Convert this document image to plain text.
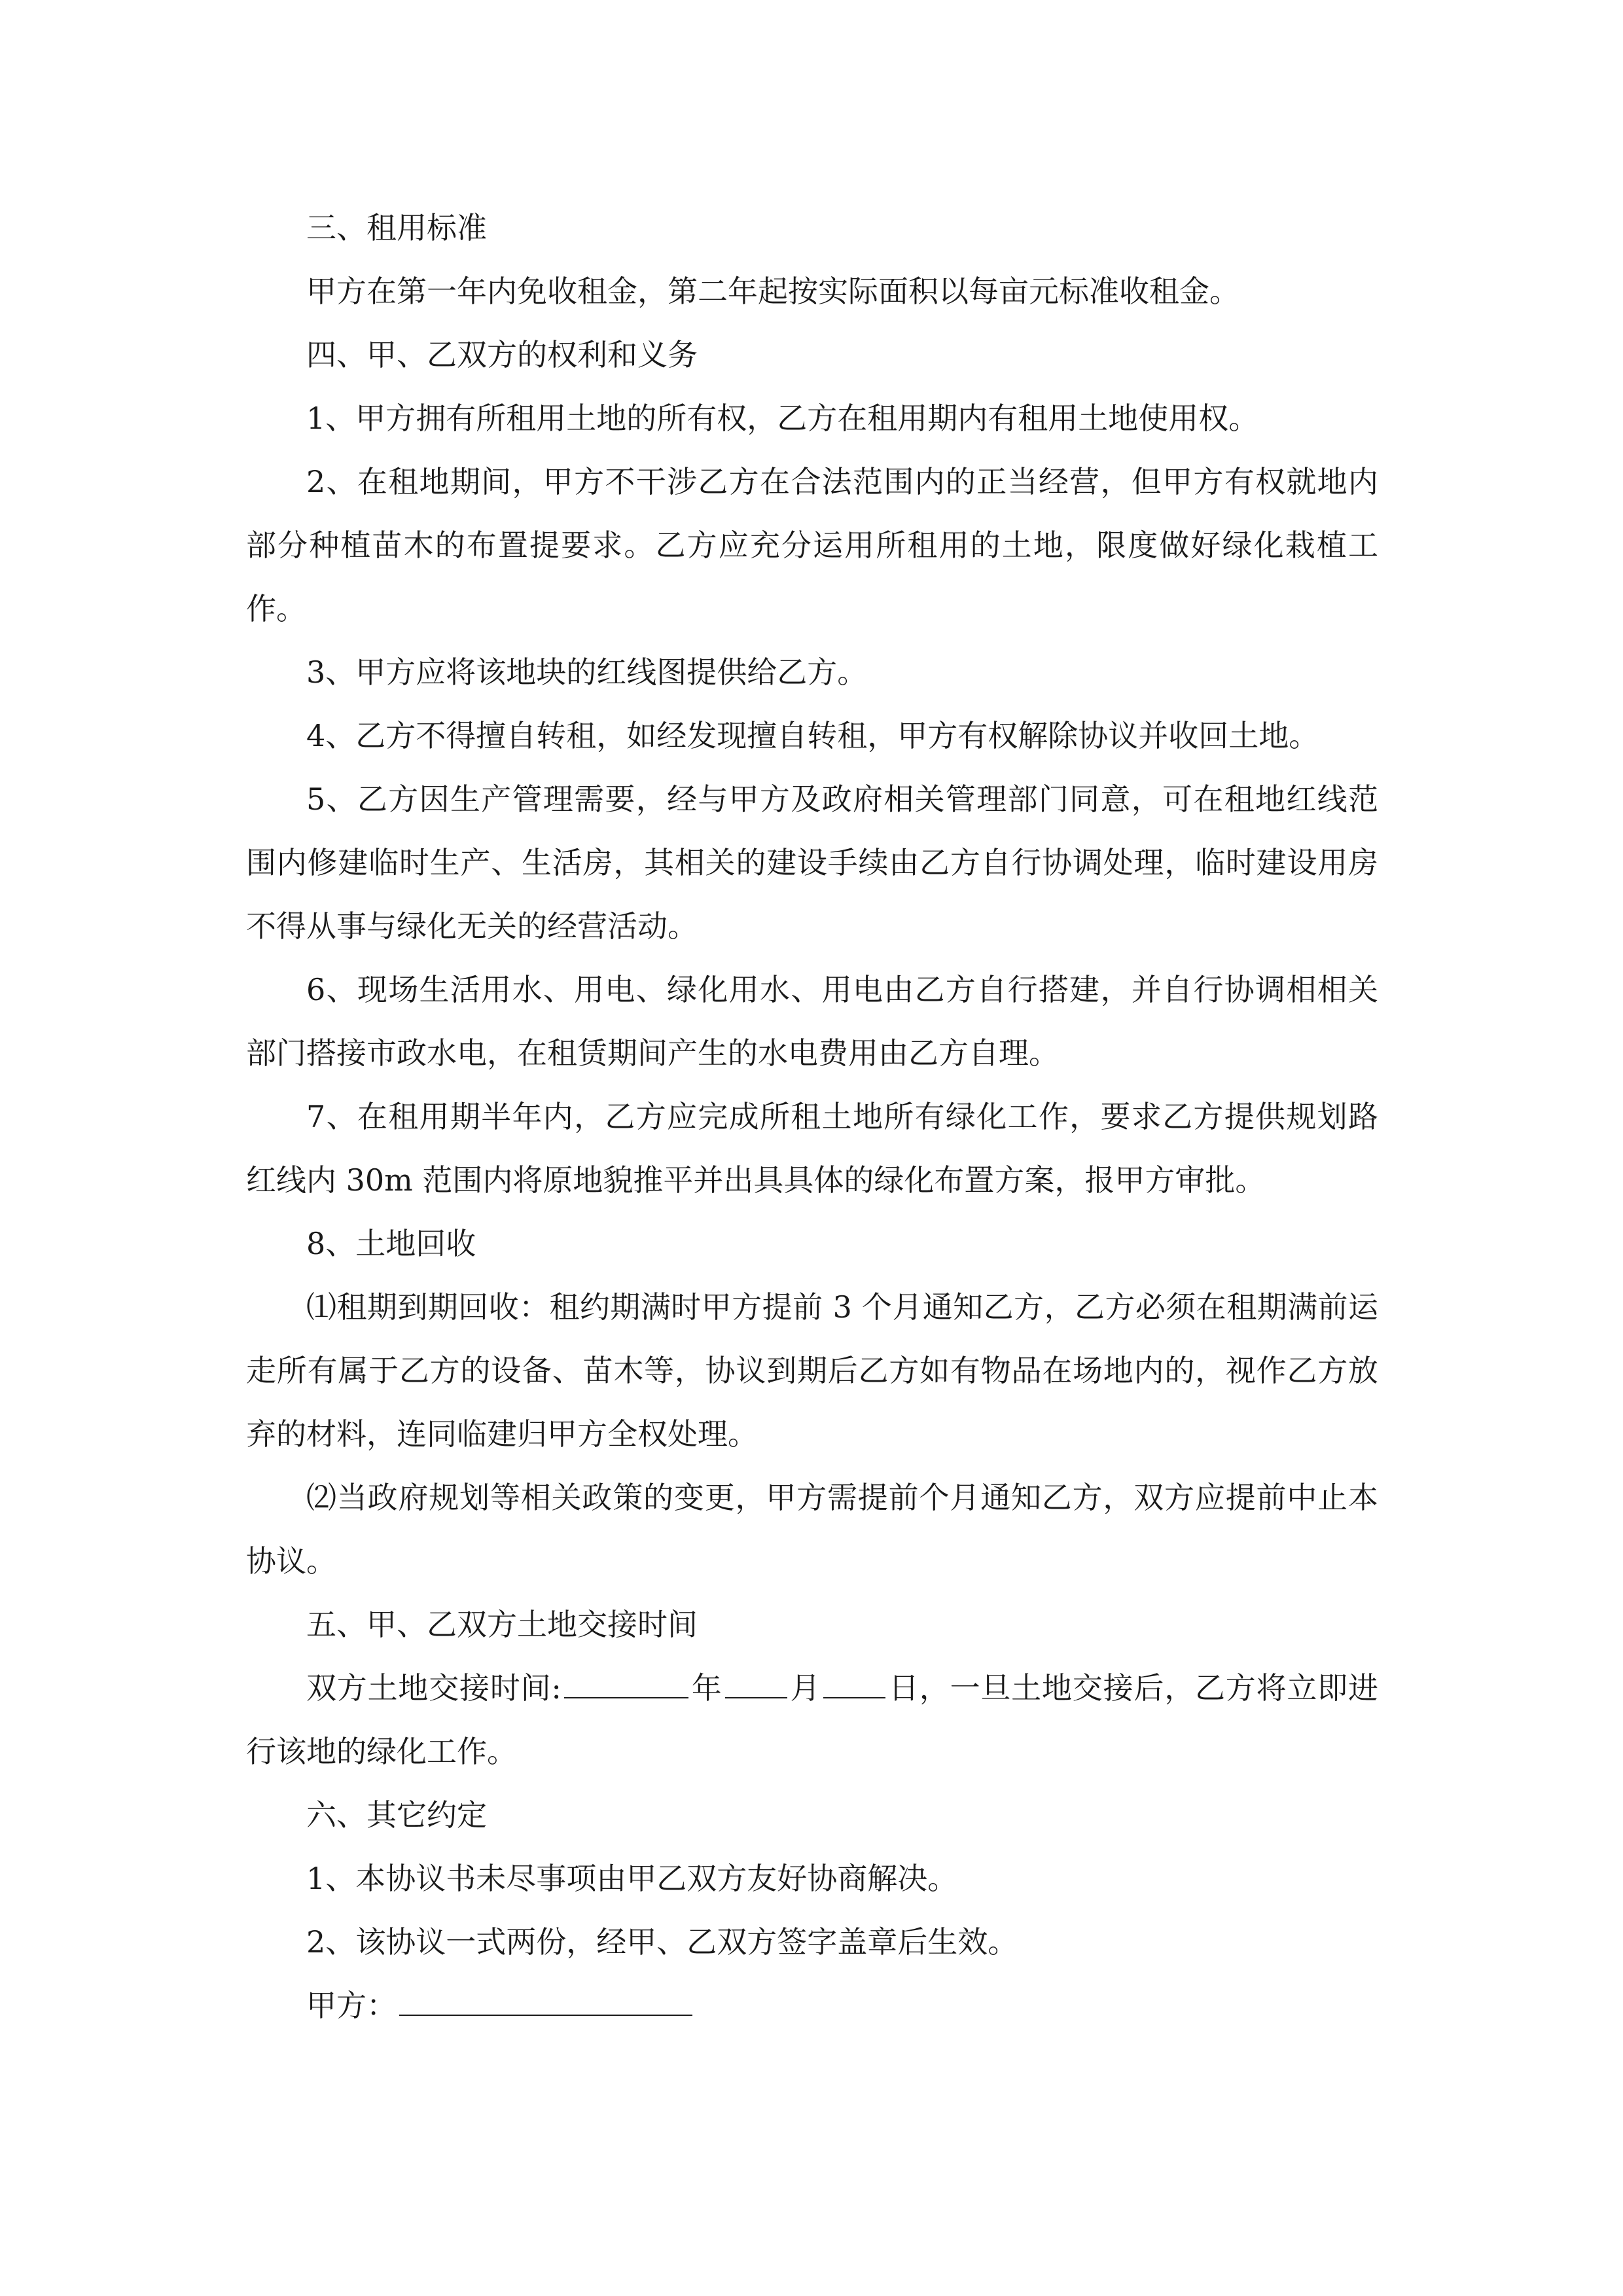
三、租用标准

甲方在第一年内免收租金，第二年起按实际面积以每亩元标准收租金。

四、甲、乙双方的权利和义务

1、甲方拥有所租用土地的所有权，乙方在租用期内有租用土地使用权。

2、在租地期间，甲方不干涉乙方在合法范围内的正当经营，但甲方有权就地内部分种植苗木的布置提要求。乙方应充分运用所租用的土地，限度做好绿化栽植工作。

3、甲方应将该地块的红线图提供给乙方。

4、乙方不得擅自转租，如经发现擅自转租，甲方有权解除协议并收回土地。

5、乙方因生产管理需要，经与甲方及政府相关管理部门同意，可在租地红线范围内修建临时生产、生活房，其相关的建设手续由乙方自行协调处理，临时建设用房不得从事与绿化无关的经营活动。

6、现场生活用水、用电、绿化用水、用电由乙方自行搭建，并自行协调相相关部门搭接市政水电，在租赁期间产生的水电费用由乙方自理。

7、在租用期半年内，乙方应完成所租土地所有绿化工作，要求乙方提供规划路红线内 30m 范围内将原地貌推平并出具具体的绿化布置方案，报甲方审批。

8、土地回收

⑴租期到期回收：租约期满时甲方提前 3 个月通知乙方，乙方必须在租期满前运走所有属于乙方的设备、苗木等，协议到期后乙方如有物品在场地内的，视作乙方放弃的材料，连同临建归甲方全权处理。

⑵当政府规划等相关政策的变更，甲方需提前个月通知乙方，双方应提前中止本协议。

五、甲、乙双方土地交接时间

双方土地交接时间:	年 月 日，一旦土地交接后，乙方将立即进行该地的绿化工作。

六、其它约定

1、本协议书未尽事项由甲乙双方友好协商解决。

2、该协议一式两份，经甲、乙双方签字盖章后生效。

甲方：
